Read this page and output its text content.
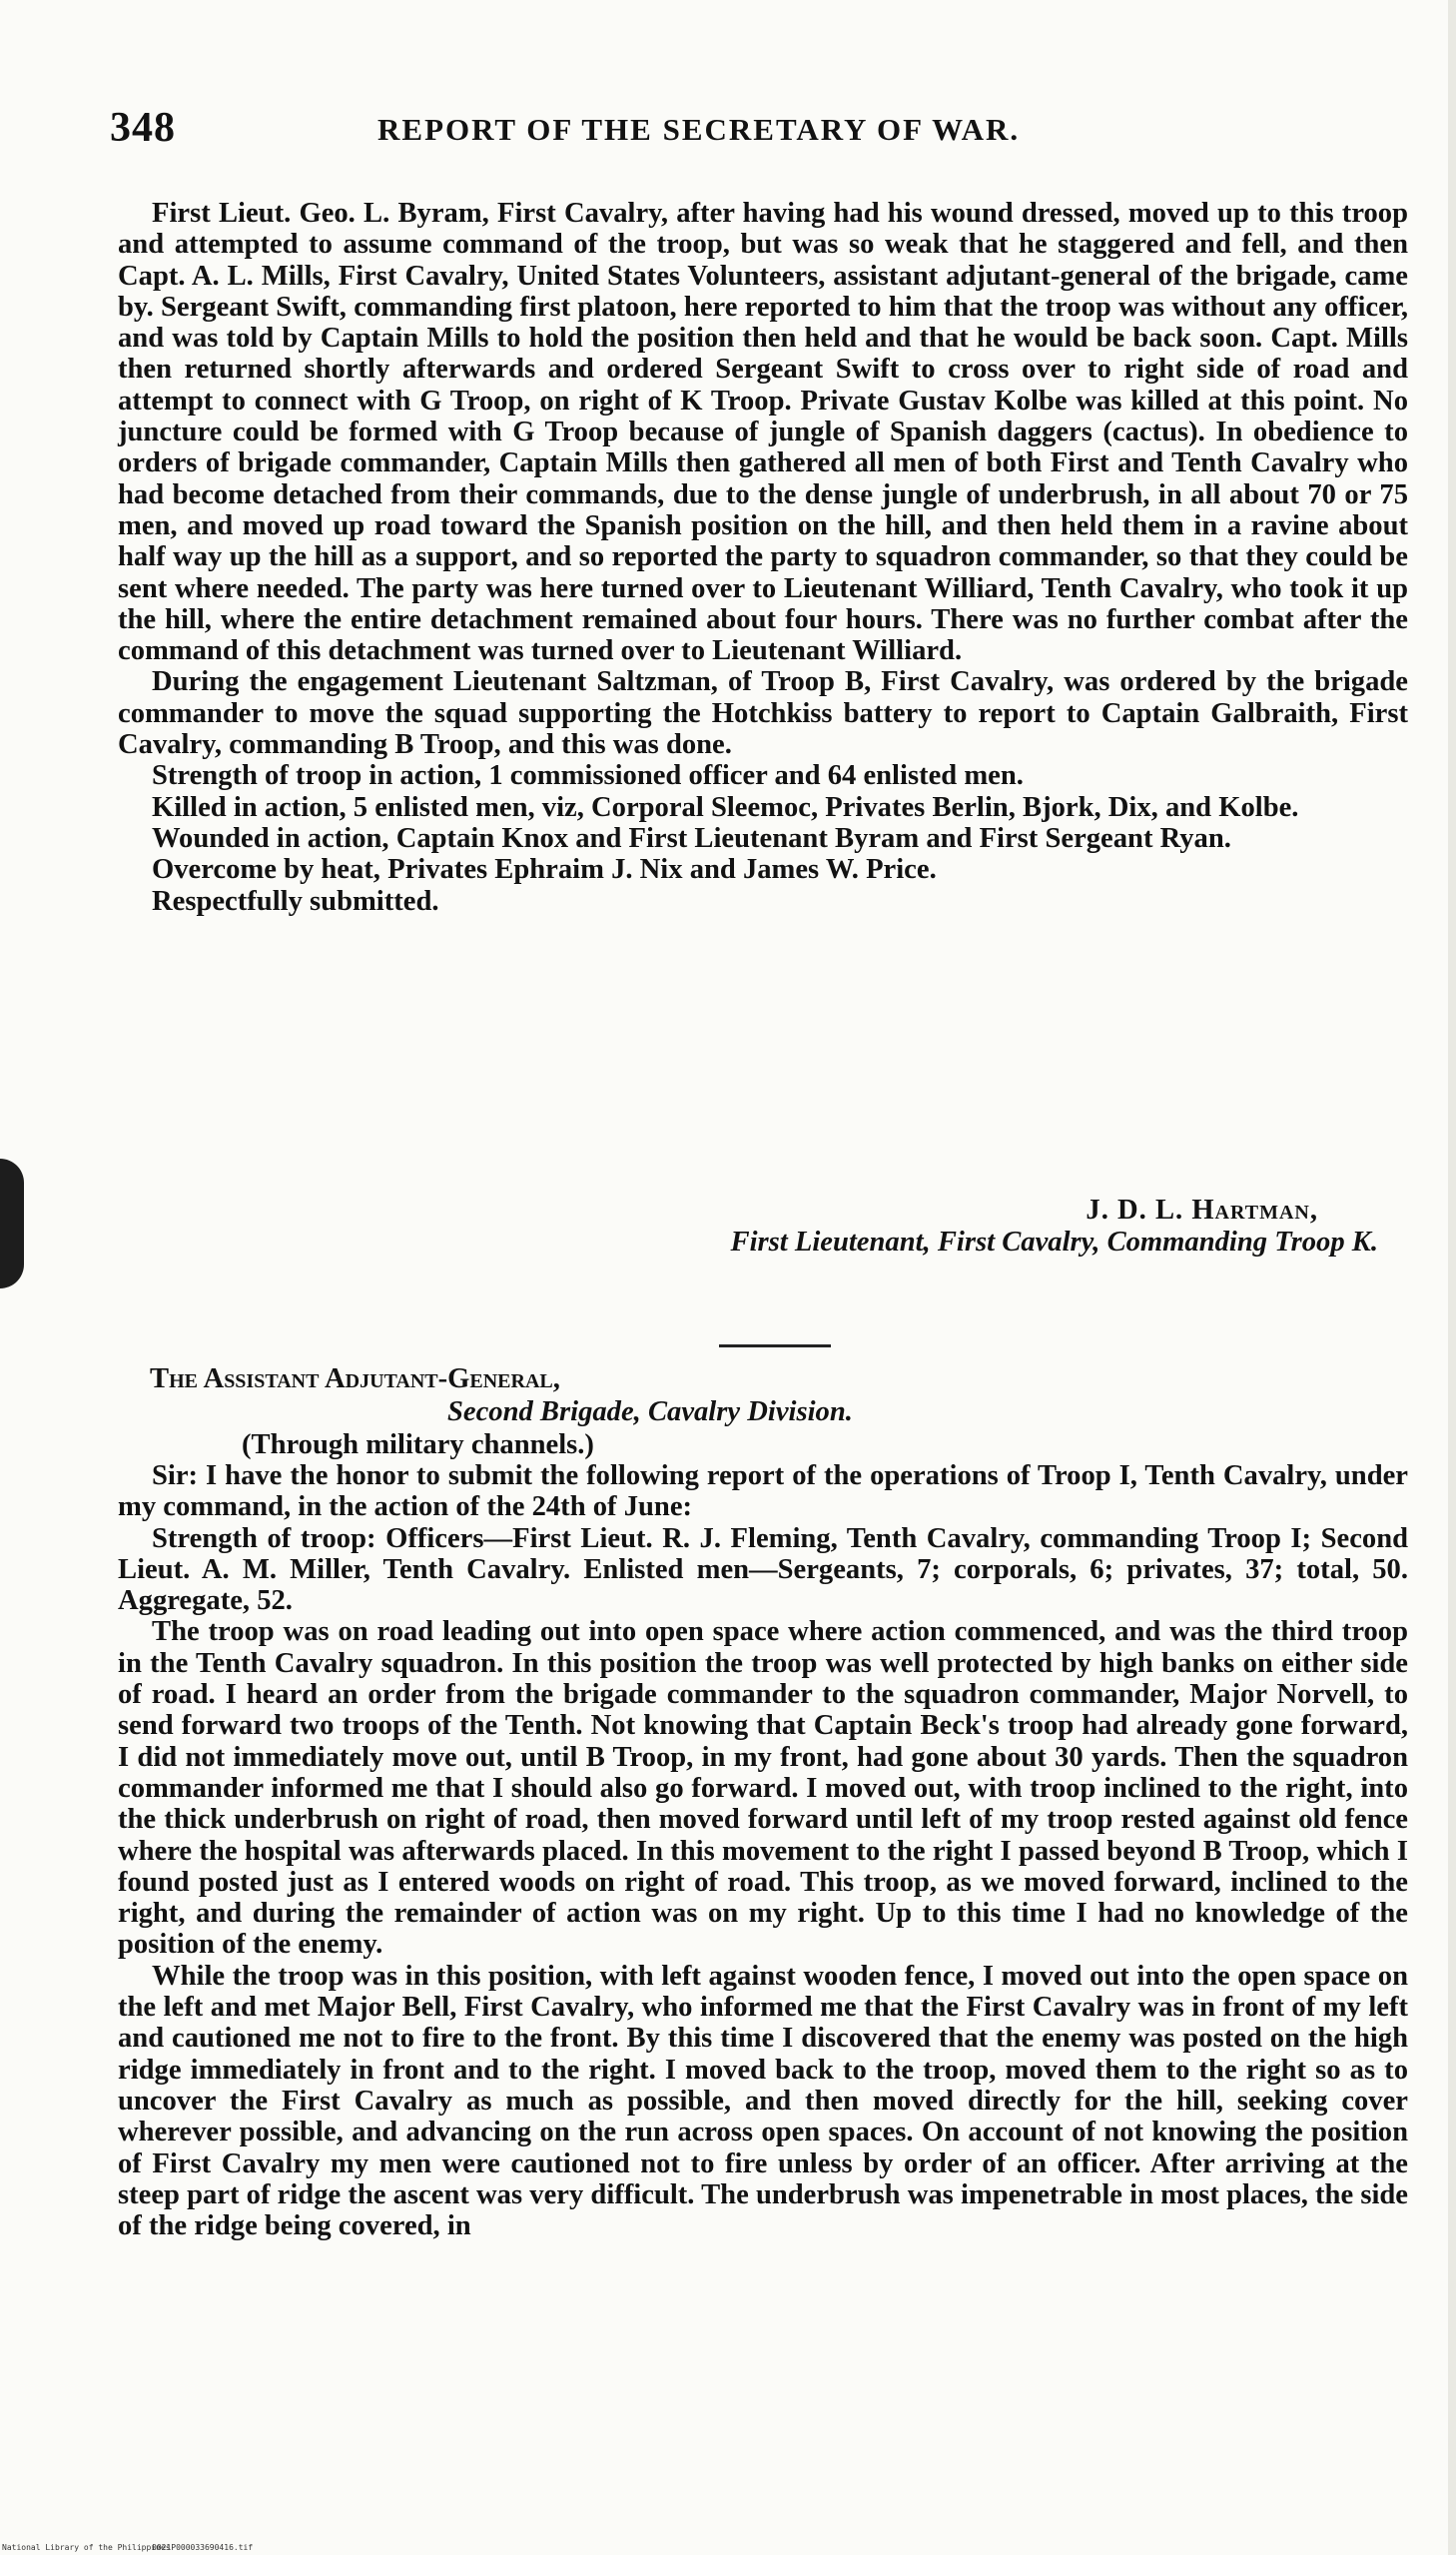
348	REPORT OF THE SECRETARY OF WAR.

First Lieut. Geo. L. Byram, First Cavalry, after having had his wound dressed, moved up to this troop and attempted to assume command of the troop, but was so weak that he staggered and fell, and then Capt. A. L. Mills, First Cavalry, United States Volunteers, assistant adjutant-general of the brigade, came by. Sergeant Swift, commanding first platoon, here reported to him that the troop was without any officer, and was told by Captain Mills to hold the position then held and that he would be back soon. Capt. Mills then returned shortly afterwards and ordered Sergeant Swift to cross over to right side of road and attempt to connect with G Troop, on right of K Troop. Private Gustav Kolbe was killed at this point. No juncture could be formed with G Troop because of jungle of Spanish daggers (cactus). In obedience to orders of brigade commander, Captain Mills then gathered all men of both First and Tenth Cavalry who had become detached from their commands, due to the dense jungle of underbrush, in all about 70 or 75 men, and moved up road toward the Spanish position on the hill, and then held them in a ravine about half way up the hill as a support, and so reported the party to squadron commander, so that they could be sent where needed. The party was here turned over to Lieutenant Williard, Tenth Cavalry, who took it up the hill, where the entire detachment remained about four hours. There was no further combat after the command of this detachment was turned over to Lieutenant Williard.

During the engagement Lieutenant Saltzman, of Troop B, First Cavalry, was ordered by the brigade commander to move the squad supporting the Hotchkiss battery to report to Captain Galbraith, First Cavalry, commanding B Troop, and this was done.

Strength of troop in action, 1 commissioned officer and 64 enlisted men.

Killed in action, 5 enlisted men, viz, Corporal Sleemoc, Privates Berlin, Bjork, Dix, and Kolbe.

Wounded in action, Captain Knox and First Lieutenant Byram and First Sergeant Ryan.

Overcome by heat, Privates Ephraim J. Nix and James W. Price.

Respectfully submitted.

J. D. L. Hartman,
First Lieutenant, First Cavalry, Commanding Troop K.
The Assistant Adjutant-General,
Second Brigade, Cavalry Division.
(Through military channels.)

Sir: I have the honor to submit the following report of the operations of Troop I, Tenth Cavalry, under my command, in the action of the 24th of June:

Strength of troop: Officers—First Lieut. R. J. Fleming, Tenth Cavalry, commanding Troop I; Second Lieut. A. M. Miller, Tenth Cavalry. Enlisted men—Sergeants, 7; corporals, 6; privates, 37; total, 50. Aggregate, 52.

The troop was on road leading out into open space where action commenced, and was the third troop in the Tenth Cavalry squadron. In this position the troop was well protected by high banks on either side of road. I heard an order from the brigade commander to the squadron commander, Major Norvell, to send forward two troops of the Tenth. Not knowing that Captain Beck's troop had already gone forward, I did not immediately move out, until B Troop, in my front, had gone about 30 yards. Then the squadron commander informed me that I should also go forward. I moved out, with troop inclined to the right, into the thick underbrush on right of road, then moved forward until left of my troop rested against old fence where the hospital was afterwards placed. In this movement to the right I passed beyond B Troop, which I found posted just as I entered woods on right of road. This troop, as we moved forward, inclined to the right, and during the remainder of action was on my right. Up to this time I had no knowledge of the position of the enemy.

While the troop was in this position, with left against wooden fence, I moved out into the open space on the left and met Major Bell, First Cavalry, who informed me that the First Cavalry was in front of my left and cautioned me not to fire to the front. By this time I discovered that the enemy was posted on the high ridge immediately in front and to the right. I moved back to the troop, moved them to the right so as to uncover the First Cavalry as much as possible, and then moved directly for the hill, seeking cover wherever possible, and advancing on the run across open spaces. On account of not knowing the position of First Cavalry my men were cautioned not to fire unless by order of an officer. After arriving at the steep part of ridge the ascent was very difficult. The underbrush was impenetrable in most places, the side of the ridge being covered, in

National Library of the Philippines
0021P000033690416.tif
